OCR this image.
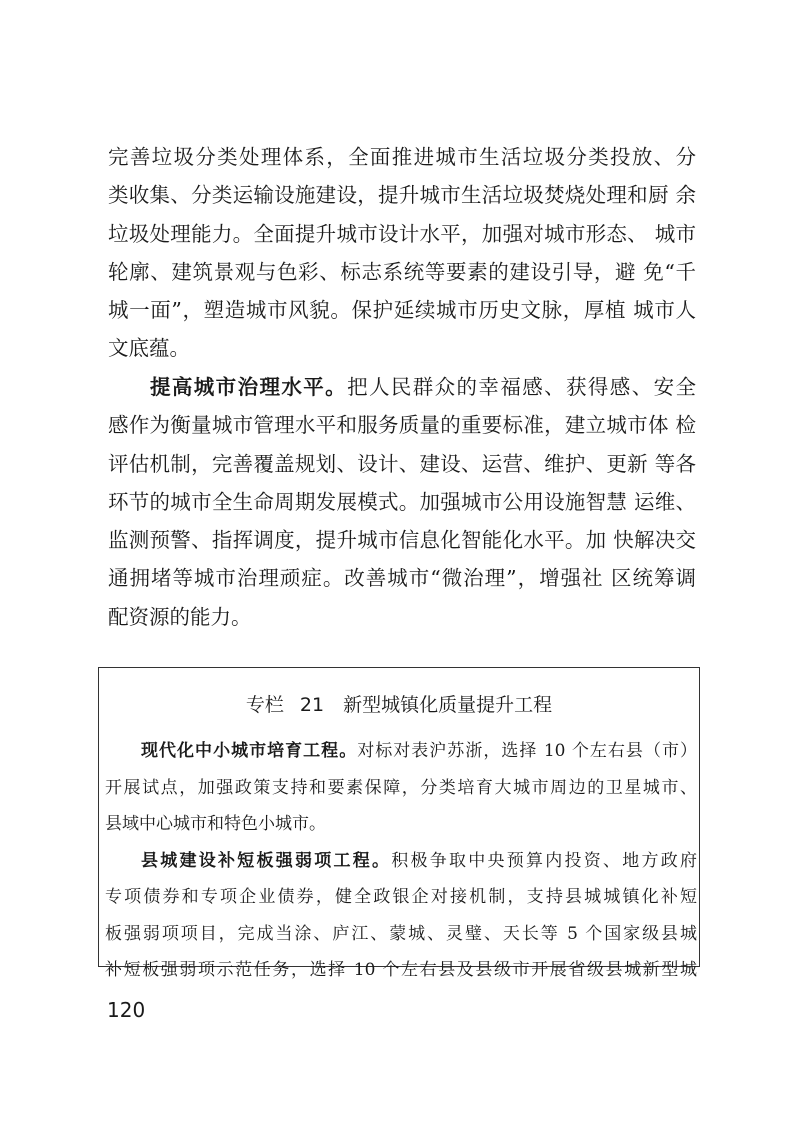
完善垃圾分类处理体系，全面推进城市生活垃圾分类投放、分
类收集、分类运输设施建设，提升城市生活垃圾焚烧处理和厨 余
垃圾处理能力。全面提升城市设计水平，加强对城市形态、 城市
轮廓、建筑景观与色彩、标志系统等要素的建设引导，避 免“千
城一面”，塑造城市风貌。保护延续城市历史文脉，厚植 城市人
文底蕴。
提高城市治理水平。把人民群众的幸福感、获得感、安全
感作为衡量城市管理水平和服务质量的重要标准，建立城市体 检
评估机制，完善覆盖规划、设计、建设、运营、维护、更新 等各
环节的城市全生命周期发展模式。加强城市公用设施智慧 运维、
监测预警、指挥调度，提升城市信息化智能化水平。加 快解决交
通拥堵等城市治理顽症。改善城市“微治理”，增强社 区统筹调
配资源的能力。
专栏 21　新型城镇化质量提升工程
现代化中小城市培育工程。对标对表沪苏浙，选择 10 个左右县（市）
开展试点，加强政策支持和要素保障，分类培育大城市周边的卫星城市、
县域中心城市和特色小城市。
县城建设补短板强弱项工程。积极争取中央预算内投资、地方政府
专项债券和专项企业债券，健全政银企对接机制，支持县城城镇化补短
板强弱项项目，完成当涂、庐江、蒙城、灵璧、天长等 5 个国家级县城
补短板强弱项示范任务，选择 10 个左右县及县级市开展省级县城新型城
120
